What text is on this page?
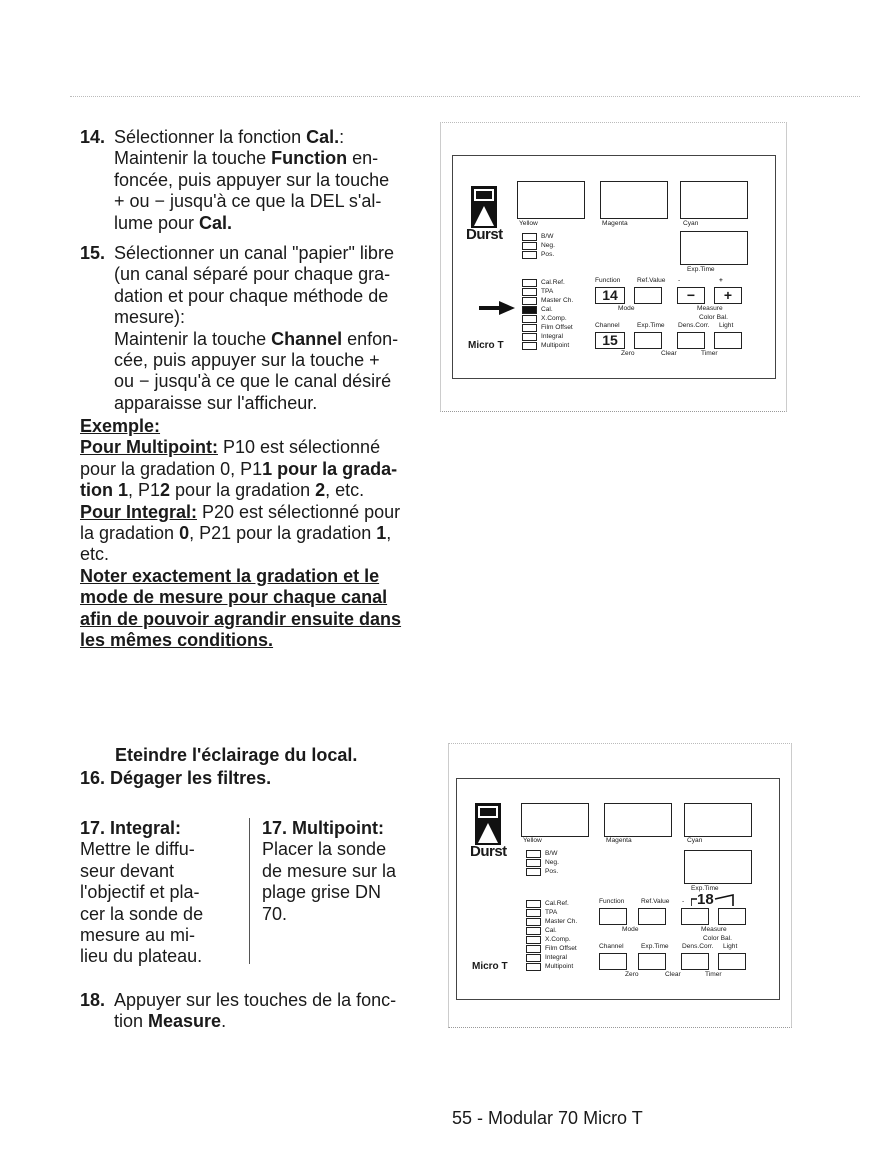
14. Sélectionner la fonction Cal.:
Maintenir la touche Function en-
foncée, puis appuyer sur la touche
+ ou − jusqu'à ce que la DEL s'al-
lume pour Cal.
15. Sélectionner un canal "papier" libre
(un canal séparé pour chaque gra-
dation et pour chaque méthode de
mesure):
Maintenir la touche Channel enfon-
cée, puis appuyer sur la touche +
ou − jusqu'à ce que le canal désiré
apparaisse sur l'afficheur.
Exemple:
Pour Multipoint: P10 est sélectionné
pour la gradation 0, P11 pour la grada-
tion 1, P12 pour la gradation 2, etc.
Pour Integral: P20 est sélectionné pour
la gradation 0, P21 pour la gradation 1,
etc.
Noter exactement la gradation et le
mode de mesure pour chaque canal
afin de pouvoir agrandir ensuite dans
les mêmes conditions.
Eteindre l'éclairage du local.
16. Dégager les filtres.
17. Integral:
Mettre le diffu-
seur devant
l'objectif et pla-
cer la sonde de
mesure au mi-
lieu du plateau.
17. Multipoint:
Placer la sonde
de mesure sur la
plage grise DN
70.
18. Appuyer sur les touches de la fonc-
tion Measure.
Durst
Micro T
Yellow	Magenta	Cyan
Exp.Time
B/W
Neg.
Pos.
Cal.Ref.
TPA
Master Ch.
Cal.
X.Comp.
Film Offset
Integral
Multipoint
Function	Ref.Value -	+
14	−	+
Mode	Measure
Color Bal.
Channel	Exp.Time Dens.Corr. Light
15
Zero	Clear	Timer
Durst
Micro T
Yellow	Magenta	Cyan
Exp.Time
B/W
Neg.
Pos.
Cal.Ref.
TPA
Master Ch.
Cal.
X.Comp.
Film Offset
Integral
Multipoint
Function	Ref.Value - 18
Mode	Measure
Color Bal.
Channel	Exp.Time Dens.Corr. Light
Zero	Clear	Timer
55 - Modular 70 Micro T
